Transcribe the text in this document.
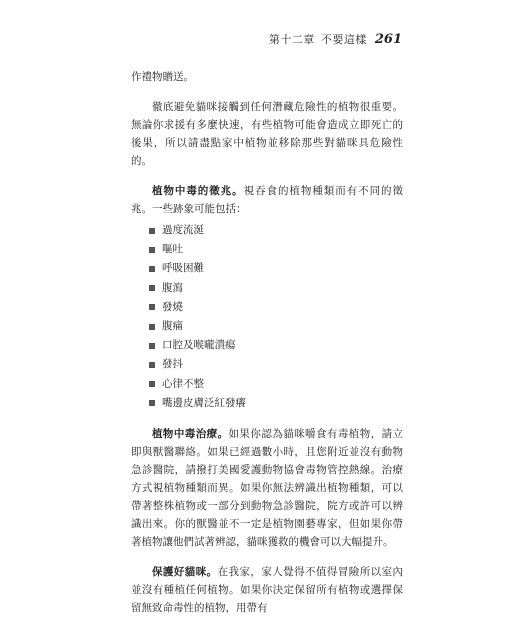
第十二章 不要這樣 261

作禮物贈送。

徹底避免貓咪接觸到任何潛藏危險性的植物很重要。無論你求援有多麼快速，有些植物可能會造成立即死亡的後果，所以請盡點家中植物並移除那些對貓咪具危險性的。

植物中毒的徵兆。視吞食的植物種類而有不同的徵兆。一些跡象可能包括：

過度流涎
嘔吐
呼吸困難
腹瀉
發燒
腹痛
口腔及喉嚨潰瘍
發抖
心律不整
嘴邊皮膚泛紅發癢

植物中毒治療。如果你認為貓咪嚼食有毒植物，請立即與獸醫聯絡。如果已經過數小時，且您附近並沒有動物急診醫院，請撥打美國愛護動物協會毒物管控熱線。治療方式視植物種類而異。如果你無法辨識出植物種類，可以帶著整株植物或一部分到動物急診醫院，院方或許可以辨識出來。你的獸醫並不一定是植物園藝專家，但如果你帶著植物讓他們試著辨認，貓咪獲救的機會可以大幅提升。

保護好貓咪。在我家，家人覺得不值得冒險所以室內並沒有種植任何植物。如果你決定保留所有植物或選擇保留無致命毒性的植物，用帶有
